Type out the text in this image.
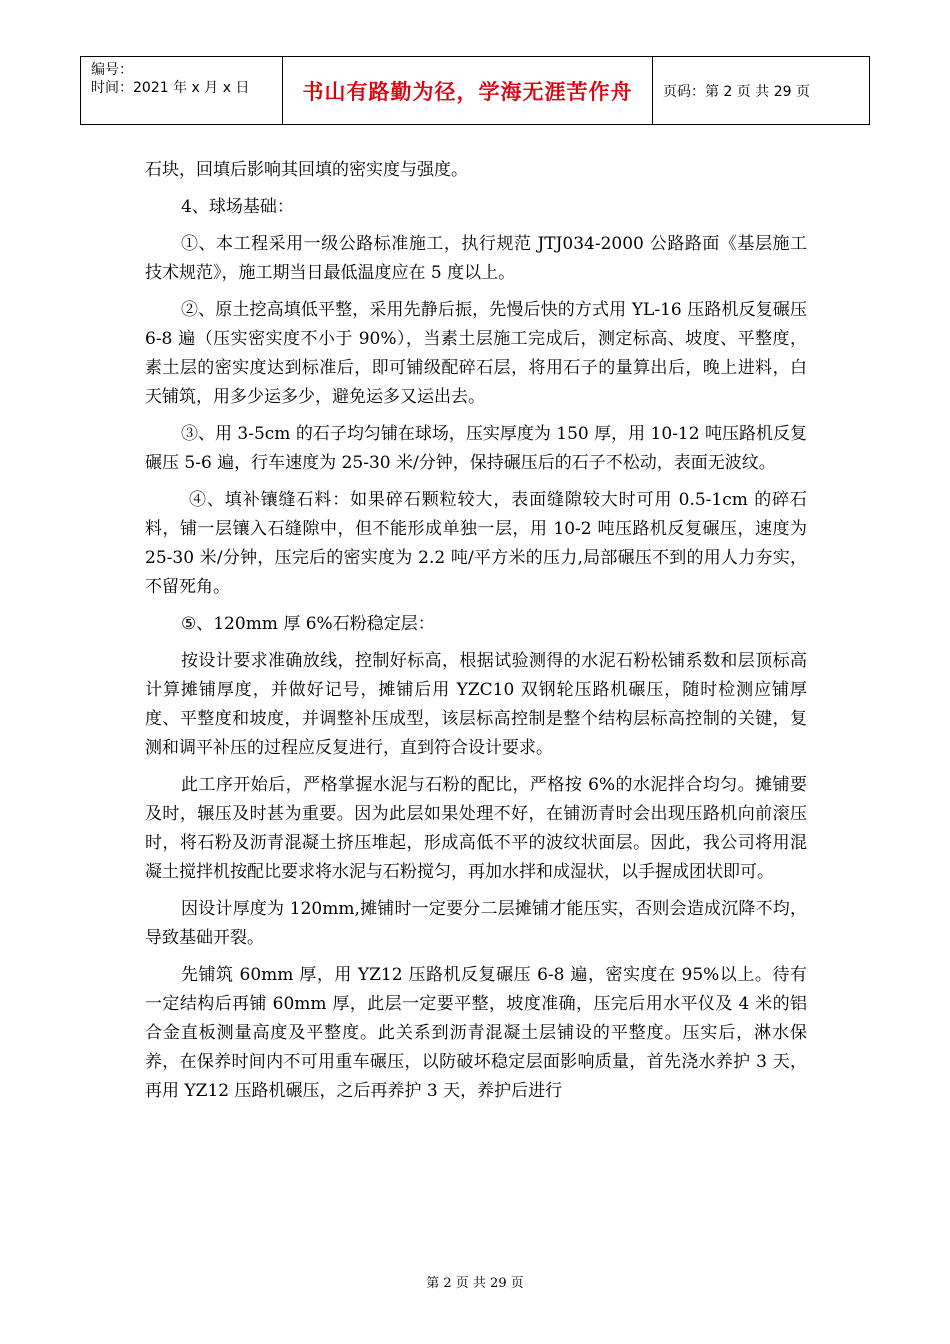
编号：
时间：2021 年 x 月 x 日	书山有路勤为径，学海无涯苦作舟	页码：第 2 页 共 29 页

石块，回填后影响其回填的密实度与强度。

4、球场基础：

①、本工程采用一级公路标准施工，执行规范 JTJ034-2000 公路路面《基层施工技术规范》，施工期当日最低温度应在 5 度以上。

②、原土挖高填低平整，采用先静后振，先慢后快的方式用 YL-16 压路机反复碾压 6-8 遍（压实密实度不小于 90%），当素土层施工完成后，测定标高、坡度、平整度，素土层的密实度达到标准后，即可铺级配碎石层，将用石子的量算出后，晚上进料，白天铺筑，用多少运多少，避免运多又运出去。

③、用 3-5cm 的石子均匀铺在球场，压实厚度为 150 厚，用 10-12 吨压路机反复碾压 5-6 遍，行车速度为 25-30 米/分钟，保持碾压后的石子不松动，表面无波纹。

④、填补镶缝石料：如果碎石颗粒较大，表面缝隙较大时可用 0.5-1cm 的碎石料，铺一层镶入石缝隙中，但不能形成单独一层，用 10-2 吨压路机反复碾压，速度为 25-30 米/分钟，压完后的密实度为 2.2 吨/平方米的压力,局部碾压不到的用人力夯实，不留死角。

⑤、120mm 厚 6%石粉稳定层：

按设计要求准确放线，控制好标高，根据试验测得的水泥石粉松铺系数和层顶标高计算摊铺厚度，并做好记号，摊铺后用 YZC10 双钢轮压路机碾压，随时检测应铺厚度、平整度和坡度，并调整补压成型，该层标高控制是整个结构层标高控制的关键，复测和调平补压的过程应反复进行，直到符合设计要求。

此工序开始后，严格掌握水泥与石粉的配比，严格按 6%的水泥拌合均匀。摊铺要及时，辗压及时甚为重要。因为此层如果处理不好，在铺沥青时会出现压路机向前滚压时，将石粉及沥青混凝土挤压堆起，形成高低不平的波纹状面层。因此，我公司将用混凝土搅拌机按配比要求将水泥与石粉搅匀，再加水拌和成湿状，以手握成团状即可。

因设计厚度为 120mm,摊铺时一定要分二层摊铺才能压实，否则会造成沉降不均，导致基础开裂。

先铺筑 60mm 厚，用 YZ12 压路机反复碾压 6-8 遍，密实度在 95%以上。待有一定结构后再铺 60mm 厚，此层一定要平整，坡度准确，压完后用水平仪及 4 米的铝合金直板测量高度及平整度。此关系到沥青混凝土层铺设的平整度。压实后，淋水保养，在保养时间内不可用重车碾压，以防破坏稳定层面影响质量，首先浇水养护 3 天，再用 YZ12 压路机碾压，之后再养护 3 天，养护后进行

第 2 页 共 29 页
